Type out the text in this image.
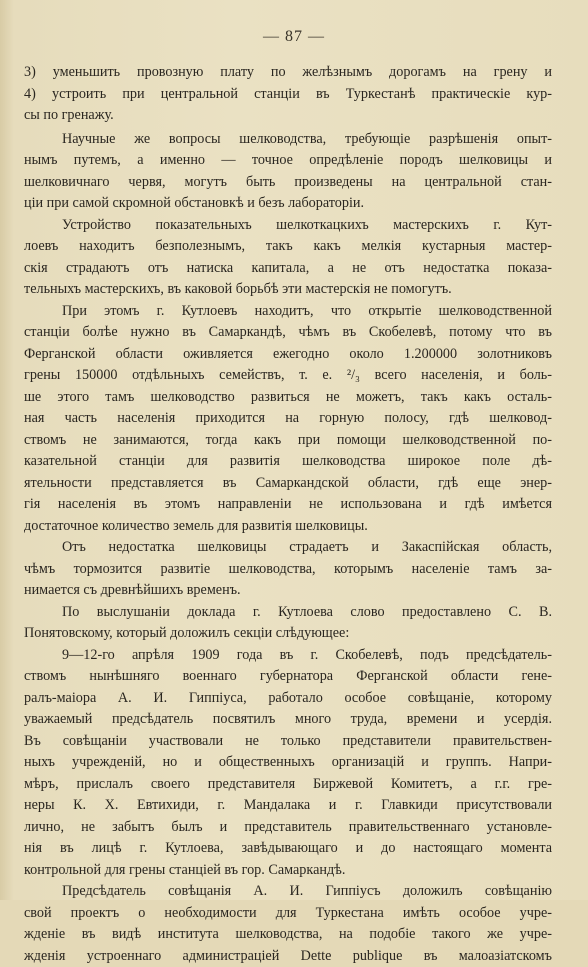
— 87 —
3) уменьшить провозную плату по желѣзнымъ дорогамъ на грену и
4) устроить при центральной станціи въ Туркестанѣ практическіе кур-
сы по гренажу.
Научные же вопросы шелководства, требующіе разрѣшенія опыт-
нымъ путемъ, а именно — точное опредѣленіе породъ шелковицы и
шелковичнаго червя, могутъ быть произведены на центральной стан-
ціи при самой скромной обстановкѣ и безъ лабораторіи.
Устройство показательныхъ шелкоткацкихъ мастерскихъ г. Кут-
лоевъ находитъ безполезнымъ, такъ какъ мелкія кустарныя мастер-
скія страдаютъ отъ натиска капитала, а не отъ недостатка показа-
тельныхъ мастерскихъ, въ каковой борьбѣ эти мастерскія не помогутъ.
При этомъ г. Кутлоевъ находитъ, что открытіе шелководственной
станціи болѣе нужно въ Самаркандѣ, чѣмъ въ Скобелевѣ, потому что въ
Ферганской области оживляется ежегодно около 1.200000 золотниковъ
грены 150000 отдѣльныхъ семействъ, т. е. ²/₃ всего населенія, и боль-
ше этого тамъ шелководство развиться не можетъ, такъ какъ осталь-
ная часть населенія приходится на горную полосу, гдѣ шелковод-
ствомъ не занимаются, тогда какъ при помощи шелководственной по-
казательной станціи для развитія шелководства широкое поле дѣ-
ятельности представляется въ Самаркандской области, гдѣ еще энер-
гія населенія въ этомъ направленіи не использована и гдѣ имѣется
достаточное количество земель для развитія шелковицы.
Отъ недостатка шелковицы страдаетъ и Закаспійская область,
чѣмъ тормозится развитіе шелководства, которымъ населеніе тамъ за-
нимается съ древнѣйшихъ временъ.
По выслушаніи доклада г. Кутлоева слово предоставлено С. В.
Понятовскому, который доложилъ секціи слѣдующее:
9—12-го апрѣля 1909 года въ г. Скобелевѣ, подъ предсѣдатель-
ствомъ нынѣшняго военнаго губернатора Ферганской области гене-
ралъ-маіора А. И. Гиппіуса, работало особое совѣщаніе, которому
уважаемый предсѣдатель посвятилъ много труда, времени и усердія.
Въ совѣщаніи участвовали не только представители правительствен-
ныхъ учрежденій, но и общественныхъ организацій и группъ. Напри-
мѣръ, прислалъ своего представителя Биржевой Комитетъ, а г.г. гре-
неры К. Х. Евтихиди, г. Мандалака и г. Главкиди присутствовали
лично, не забытъ былъ и представитель правительственнаго установле-
нія въ лицѣ г. Кутлоева, завѣдывающаго и до настоящаго момента
контрольной для грены станціей въ гор. Самаркандѣ.
Предсѣдатель совѣщанія А. И. Гиппіусъ доложилъ совѣщанію
свой проектъ о необходимости для Туркестана имѣть особое учре-
жденіе въ видѣ института шелководства, на подобіе такого же учре-
жденія устроеннаго администраціей Dette publique въ малоазіатскомъ
